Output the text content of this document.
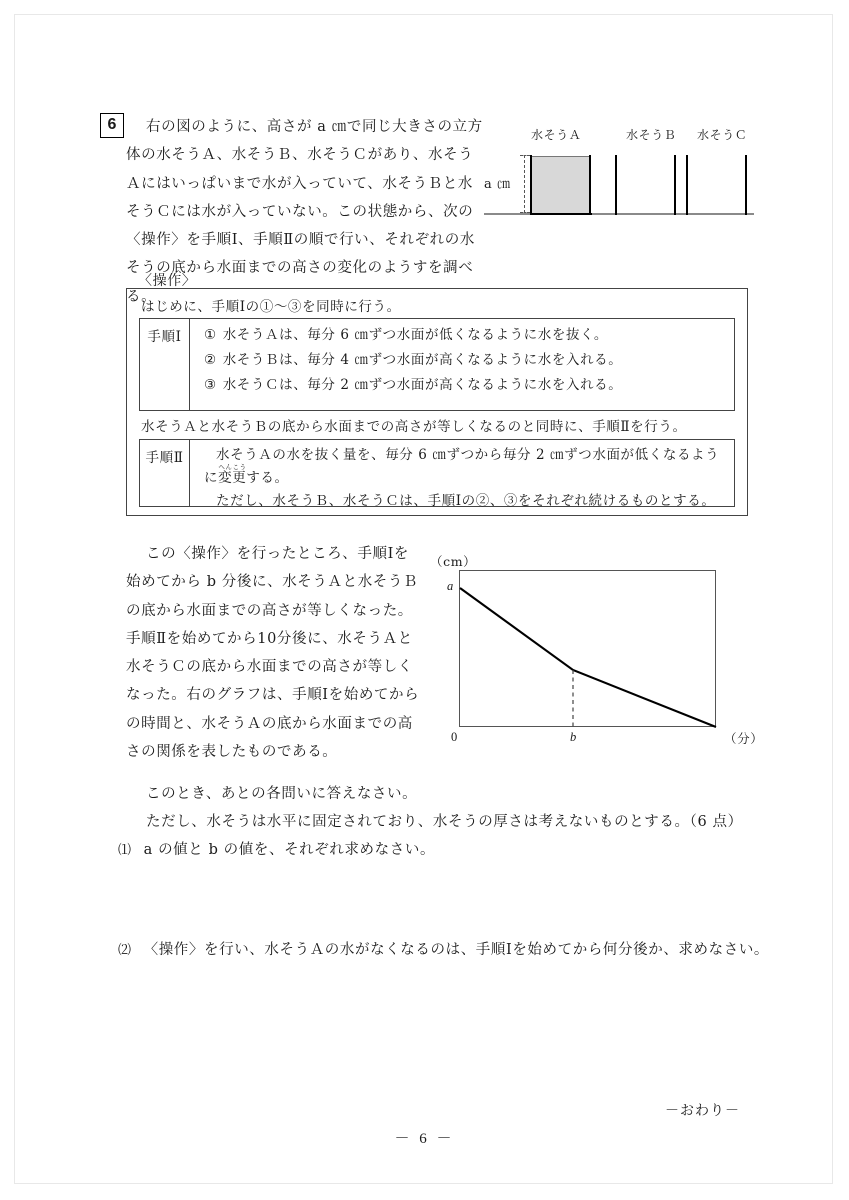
6	右の図のように、高さが a ㎝で同じ大きさの立方体の水そうＡ、水そうＢ、水そうＣがあり、水そうＡにはいっぱいまで水が入っていて、水そうＢと水そうＣには水が入っていない。この状態から、次の〈操作〉を手順Ⅰ、手順Ⅱの順で行い、それぞれの水そうの底から水面までの高さの変化のようすを調べる。
〈操作〉
水そうＡ	水そうＢ 水そうＣ
a ㎝
はじめに、手順Ⅰの①～③を同時に行う。
手順Ⅰ	① 水そうＡは、毎分 6 ㎝ずつ水面が低くなるように水を抜く。
② 水そうＢは、毎分 4 ㎝ずつ水面が高くなるように水を入れる。
③ 水そうＣは、毎分 2 ㎝ずつ水面が高くなるように水を入れる。
水そうＡと水そうＢの底から水面までの高さが等しくなるのと同時に、手順Ⅱを行う。
手順Ⅱ	水そうＡの水を抜く量を、毎分 6 ㎝ずつから毎分 2 ㎝ずつ水面が低くなるように変更へんこうする。
ただし、水そうＢ、水そうＣは、手順Ⅰの②、③をそれぞれ続けるものとする。
この〈操作〉を行ったところ、手順Ⅰを始めてから b 分後に、水そうＡと水そうＢの底から水面までの高さが等しくなった。手順Ⅱを始めてから10分後に、水そうＡと水そうＣの底から水面までの高さが等しくなった。右のグラフは、手順Ⅰを始めてからの時間と、水そうＡの底から水面までの高さの関係を表したものである。
このとき、あとの各問いに答えなさい。
ただし、水そうは水平に固定されており、水そうの厚さは考えないものとする。（6 点）
（cm）
a
0	b	（分）
⑴ a の値と b の値を、それぞれ求めなさい。
⑵ 〈操作〉を行い、水そうＡの水がなくなるのは、手順Ⅰを始めてから何分後か、求めなさい。
－おわり－
－ 6 －
